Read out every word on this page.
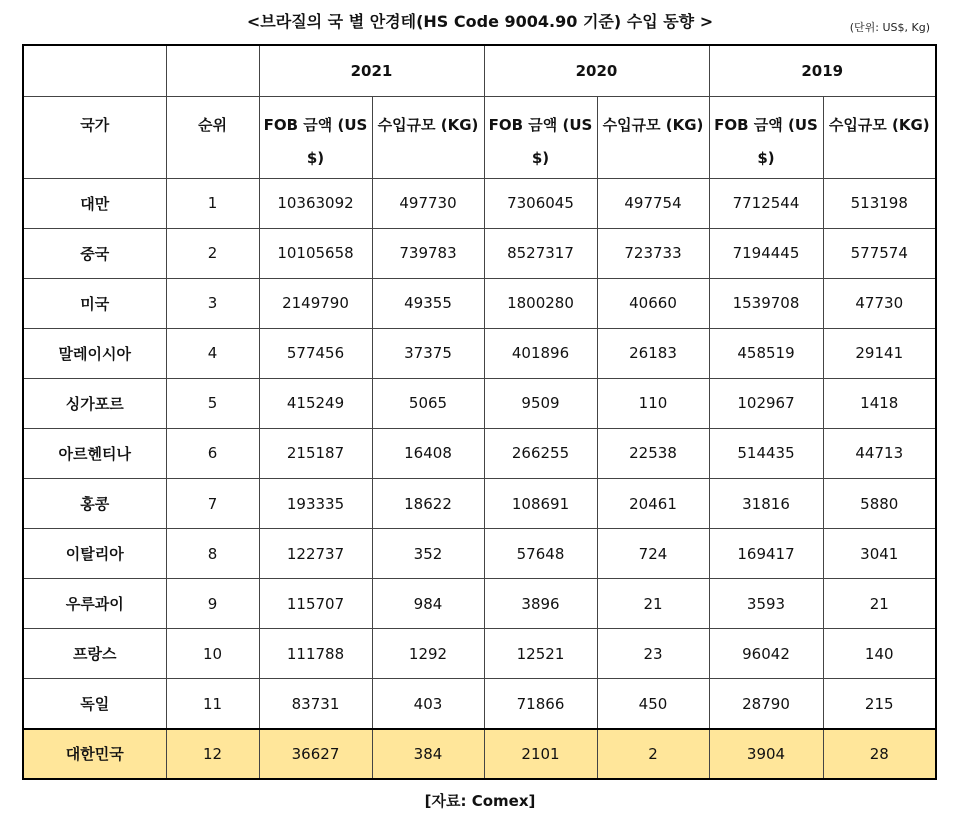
<브라질의 국 별 안경테(HS Code 9004.90 기준) 수입 동향 >	(단위: US$, Kg)
		2021		2020		2019	
국가	순위	FOB 금액 (US $)	수입규모 (KG)	FOB 금액 (US $)	수입규모 (KG)	FOB 금액 (US $)	수입규모 (KG)
대만	1	10363092	497730	7306045	497754	7712544	513198
중국	2	10105658	739783	8527317	723733	7194445	577574
미국	3	2149790	49355	1800280	40660	1539708	47730
말레이시아	4	577456	37375	401896	26183	458519	29141
싱가포르	5	415249	5065	9509	110	102967	1418
아르헨티나	6	215187	16408	266255	22538	514435	44713
홍콩	7	193335	18622	108691	20461	31816	5880
이탈리아	8	122737	352	57648	724	169417	3041
우루과이	9	115707	984	3896	21	3593	21
프랑스	10	111788	1292	12521	23	96042	140
독일	11	83731	403	71866	450	28790	215
대한민국	12	36627	384	2101	2	3904	28
[자료: Comex]
